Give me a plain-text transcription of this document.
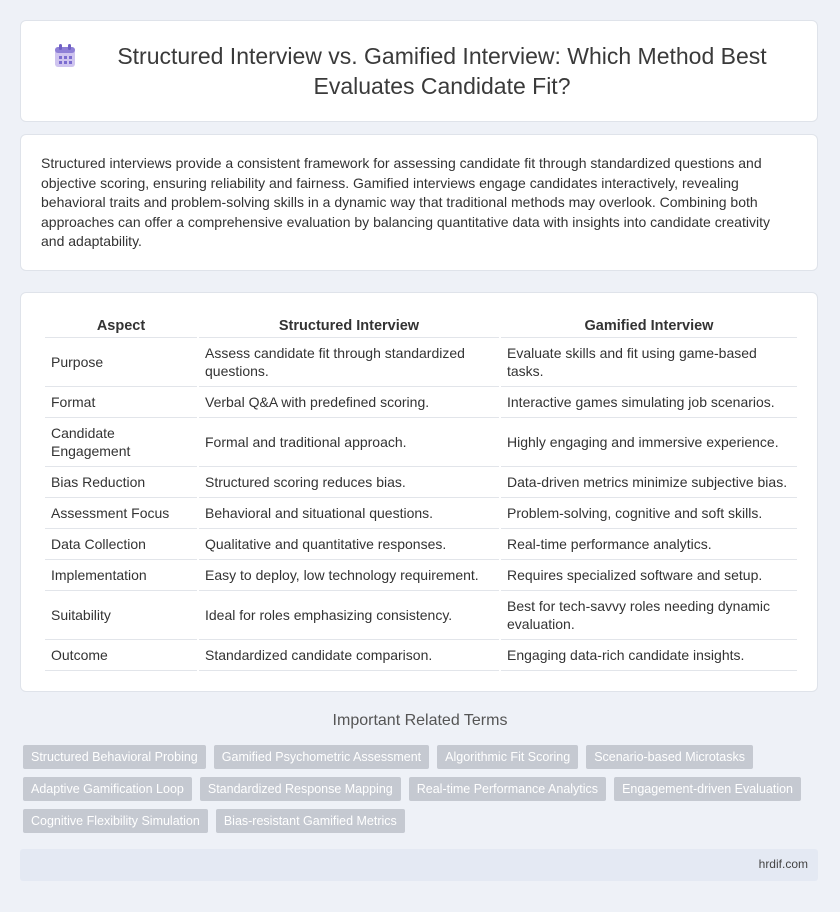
Structured Interview vs. Gamified Interview: Which Method Best Evaluates Candidate Fit?

Structured interviews provide a consistent framework for assessing candidate fit through standardized questions and objective scoring, ensuring reliability and fairness. Gamified interviews engage candidates interactively, revealing behavioral traits and problem-solving skills in a dynamic way that traditional methods may overlook. Combining both approaches can offer a comprehensive evaluation by balancing quantitative data with insights into candidate creativity and adaptability.

Aspect	Structured Interview	Gamified Interview
Purpose	Assess candidate fit through standardized questions.	Evaluate skills and fit using game-based tasks.
Format	Verbal Q&A with predefined scoring.	Interactive games simulating job scenarios.
Candidate Engagement	Formal and traditional approach.	Highly engaging and immersive experience.
Bias Reduction	Structured scoring reduces bias.	Data-driven metrics minimize subjective bias.
Assessment Focus	Behavioral and situational questions.	Problem-solving, cognitive and soft skills.
Data Collection	Qualitative and quantitative responses.	Real-time performance analytics.
Implementation	Easy to deploy, low technology requirement.	Requires specialized software and setup.
Suitability	Ideal for roles emphasizing consistency.	Best for tech-savvy roles needing dynamic evaluation.
Outcome	Standardized candidate comparison.	Engaging data-rich candidate insights.
Important Related Terms
Structured Behavioral Probing	Gamified Psychometric Assessment	Algorithmic Fit Scoring	Scenario-based Microtasks
Adaptive Gamification Loop	Standardized Response Mapping	Real-time Performance Analytics	Engagement-driven Evaluation
Cognitive Flexibility Simulation	Bias-resistant Gamified Metrics
hrdif.com
